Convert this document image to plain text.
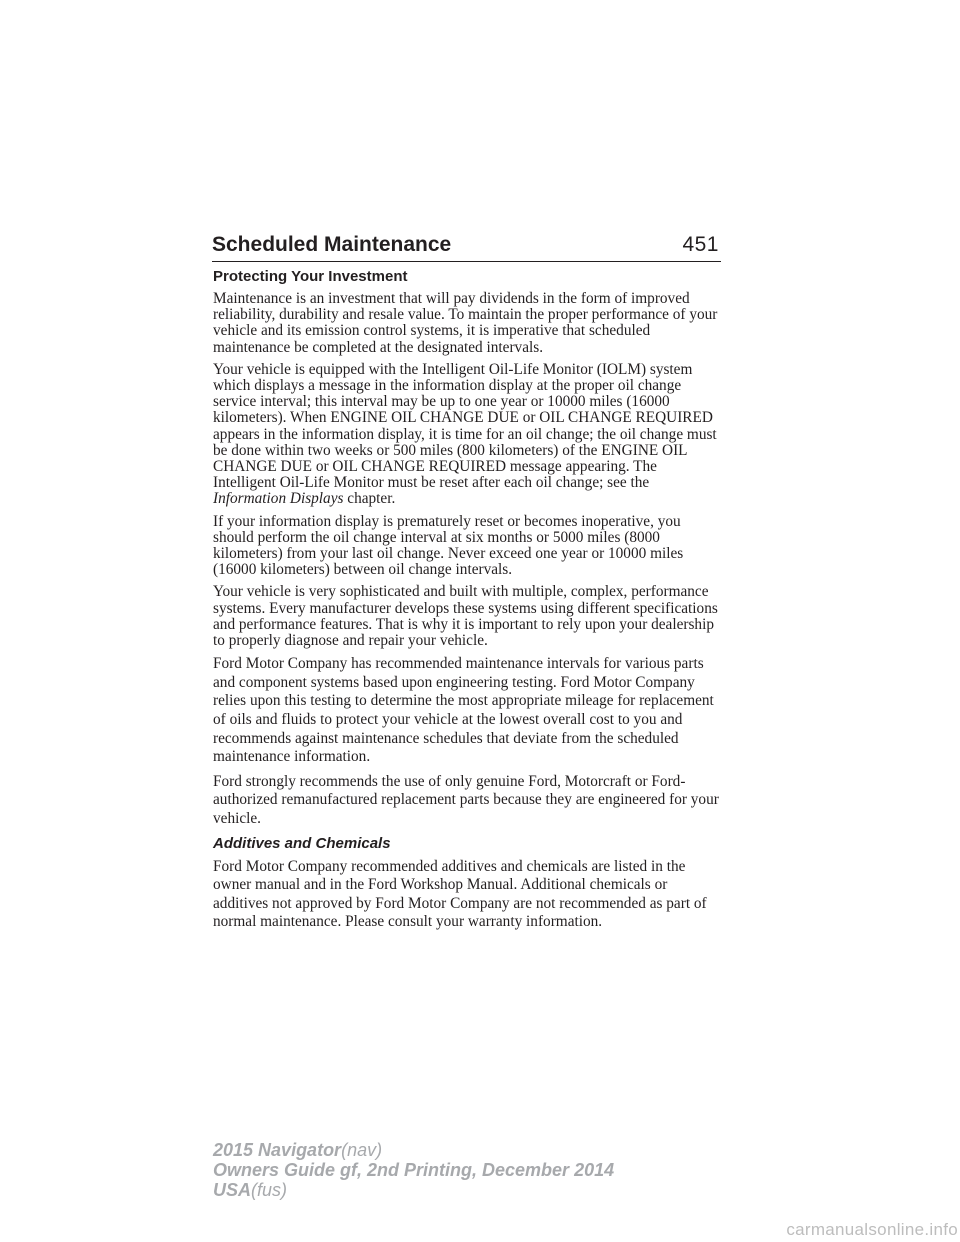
Scheduled Maintenance	451
Protecting Your Investment

Maintenance is an investment that will pay dividends in the form of improved reliability, durability and resale value. To maintain the proper performance of your vehicle and its emission control systems, it is imperative that scheduled maintenance be completed at the designated intervals.

Your vehicle is equipped with the Intelligent Oil-Life Monitor (IOLM) system which displays a message in the information display at the proper oil change service interval; this interval may be up to one year or 10000 miles (16000 kilometers). When ENGINE OIL CHANGE DUE or OIL CHANGE REQUIRED appears in the information display, it is time for an oil change; the oil change must be done within two weeks or 500 miles (800 kilometers) of the ENGINE OIL CHANGE DUE or OIL CHANGE REQUIRED message appearing. The Intelligent Oil-Life Monitor must be reset after each oil change; see the Information Displays chapter.

If your information display is prematurely reset or becomes inoperative, you should perform the oil change interval at six months or 5000 miles (8000 kilometers) from your last oil change. Never exceed one year or 10000 miles (16000 kilometers) between oil change intervals.

Your vehicle is very sophisticated and built with multiple, complex, performance systems. Every manufacturer develops these systems using different specifications and performance features. That is why it is important to rely upon your dealership to properly diagnose and repair your vehicle.

Ford Motor Company has recommended maintenance intervals for various parts and component systems based upon engineering testing. Ford Motor Company relies upon this testing to determine the most appropriate mileage for replacement of oils and fluids to protect your vehicle at the lowest overall cost to you and recommends against maintenance schedules that deviate from the scheduled maintenance information.

Ford strongly recommends the use of only genuine Ford, Motorcraft or Ford-authorized remanufactured replacement parts because they are engineered for your vehicle.

Additives and Chemicals

Ford Motor Company recommended additives and chemicals are listed in the owner manual and in the Ford Workshop Manual. Additional chemicals or additives not approved by Ford Motor Company are not recommended as part of normal maintenance. Please consult your warranty information.

2015 Navigator(nav)
Owners Guide gf, 2nd Printing, December 2014
USA(fus)
carmanualsonline.info
